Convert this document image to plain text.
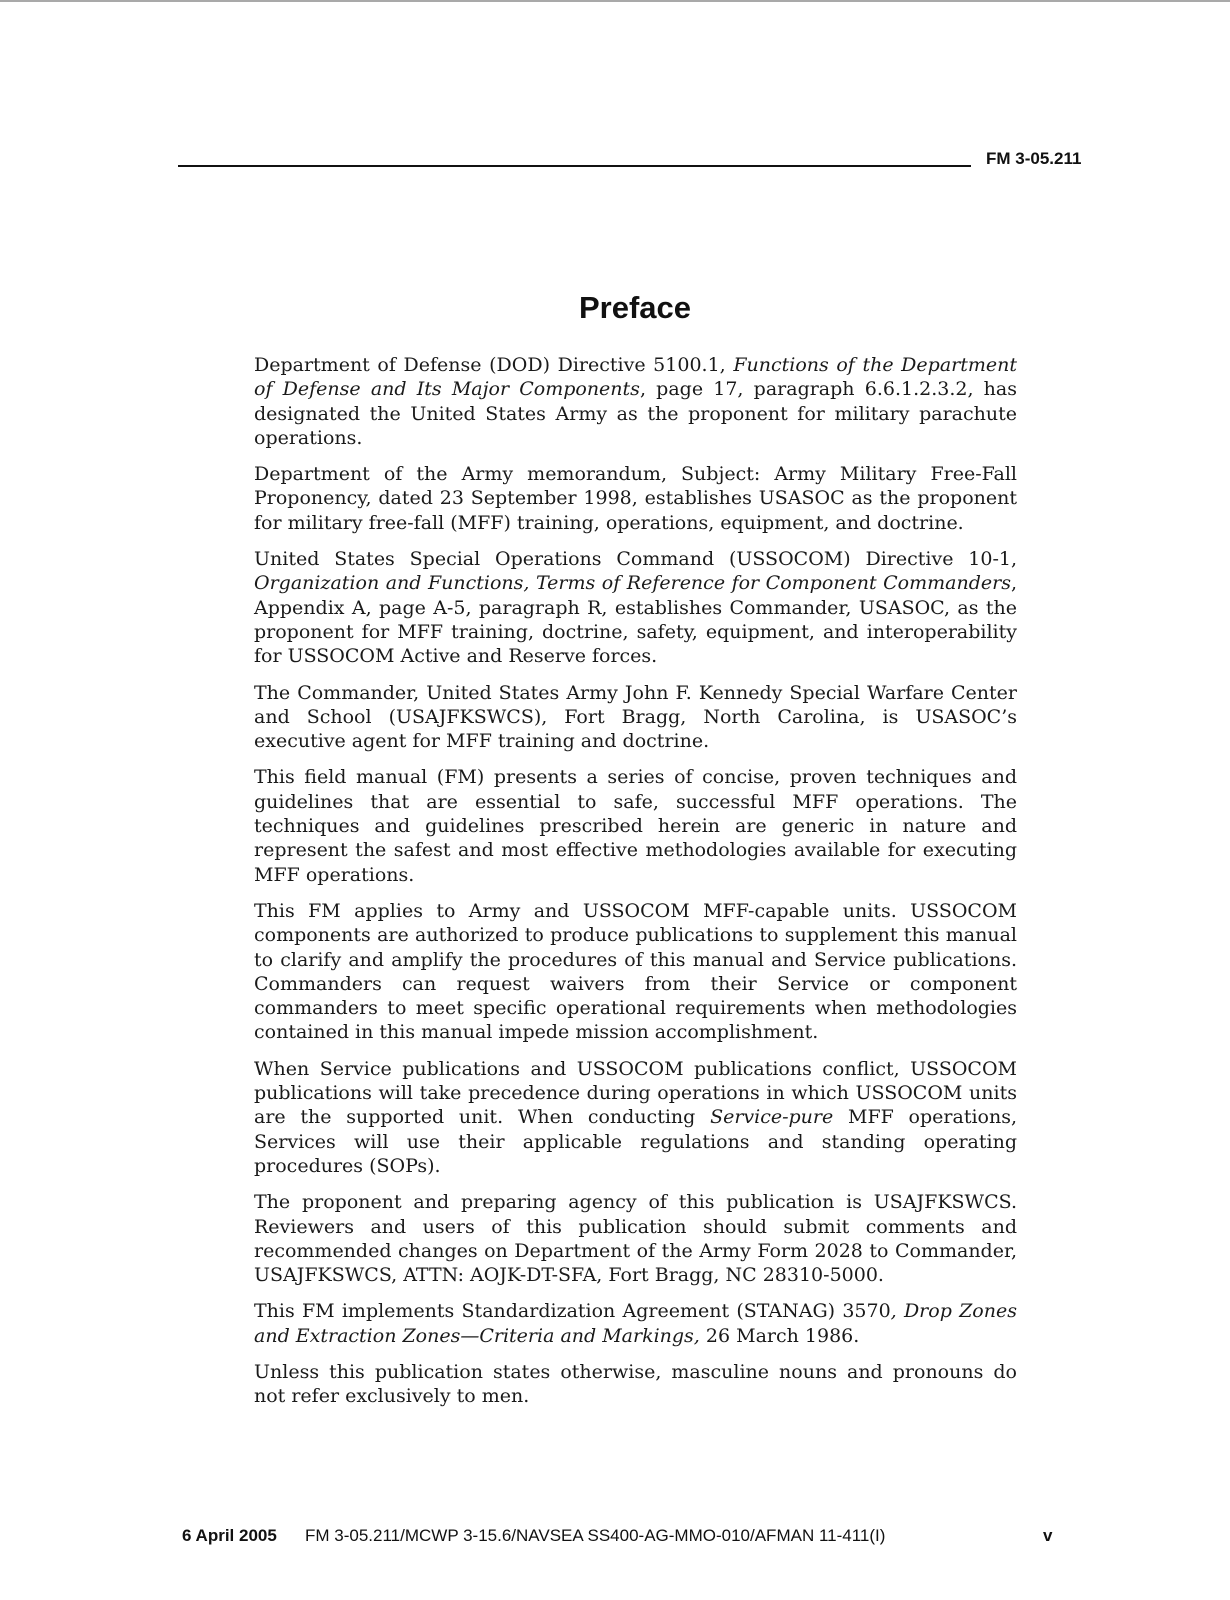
FM 3-05.211
Preface

Department of Defense (DOD) Directive 5100.1, Functions of the Department of Defense and Its Major Components, page 17, paragraph 6.6.1.2.3.2, has designated the United States Army as the proponent for military parachute operations.

Department of the Army memorandum, Subject: Army Military Free-Fall Proponency, dated 23 September 1998, establishes USASOC as the proponent for military free-fall (MFF) training, operations, equipment, and doctrine.

United States Special Operations Command (USSOCOM) Directive 10-1, Organization and Functions, Terms of Reference for Component Commanders, Appendix A, page A-5, paragraph R, establishes Commander, USASOC, as the proponent for MFF training, doctrine, safety, equipment, and interoperability for USSOCOM Active and Reserve forces.

The Commander, United States Army John F. Kennedy Special Warfare Center and School (USAJFKSWCS), Fort Bragg, North Carolina, is USASOC’s executive agent for MFF training and doctrine.

This field manual (FM) presents a series of concise, proven techniques and guidelines that are essential to safe, successful MFF operations. The techniques and guidelines prescribed herein are generic in nature and represent the safest and most effective methodologies available for executing MFF operations.

This FM applies to Army and USSOCOM MFF-capable units. USSOCOM components are authorized to produce publications to supplement this manual to clarify and amplify the procedures of this manual and Service publications. Commanders can request waivers from their Service or component commanders to meet specific operational requirements when methodologies contained in this manual impede mission accomplishment.

When Service publications and USSOCOM publications conflict, USSOCOM publications will take precedence during operations in which USSOCOM units are the supported unit. When conducting Service-pure MFF operations, Services will use their applicable regulations and standing operating procedures (SOPs).

The proponent and preparing agency of this publication is USAJFKSWCS. Reviewers and users of this publication should submit comments and recommended changes on Department of the Army Form 2028 to Commander, USAJFKSWCS, ATTN: AOJK-DT-SFA, Fort Bragg, NC 28310-5000.

This FM implements Standardization Agreement (STANAG) 3570, Drop Zones and Extraction Zones—Criteria and Markings, 26 March 1986.

Unless this publication states otherwise, masculine nouns and pronouns do not refer exclusively to men.

6 April 2005 FM 3-05.211/MCWP 3-15.6/NAVSEA SS400-AG-MMO-010/AFMAN 11-411(I)	v
